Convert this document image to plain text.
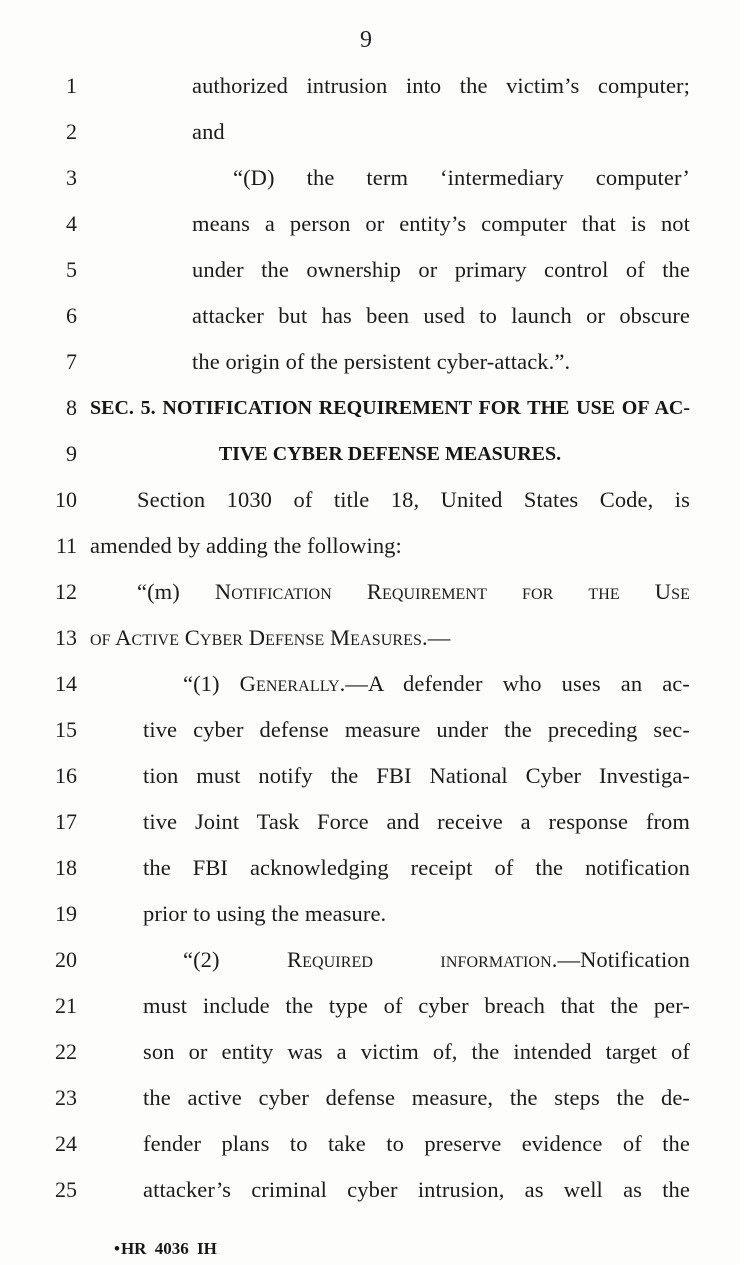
9
1	authorized intrusion into the victim’s computer;
2	and
3	“(D) the term ‘intermediary computer’
4	means a person or entity’s computer that is not
5	under the ownership or primary control of the
6	attacker but has been used to launch or obscure
7	the origin of the persistent cyber-attack.”.
8 SEC. 5. NOTIFICATION REQUIREMENT FOR THE USE OF AC-
9	TIVE CYBER DEFENSE MEASURES.
10	Section 1030 of title 18, United States Code, is
11 amended by adding the following:
12	“(m) Notification Requirement for the Use
13 of Active Cyber Defense Measures.—
14	“(1) Generally.—A defender who uses an ac-
15	tive cyber defense measure under the preceding sec-
16	tion must notify the FBI National Cyber Investiga-
17	tive Joint Task Force and receive a response from
18	the FBI acknowledging receipt of the notification
19	prior to using the measure.
20	“(2) Required information.—Notification
21	must include the type of cyber breach that the per-
22	son or entity was a victim of, the intended target of
23	the active cyber defense measure, the steps the de-
24	fender plans to take to preserve evidence of the
25	attacker’s criminal cyber intrusion, as well as the
•HR 4036 IH
